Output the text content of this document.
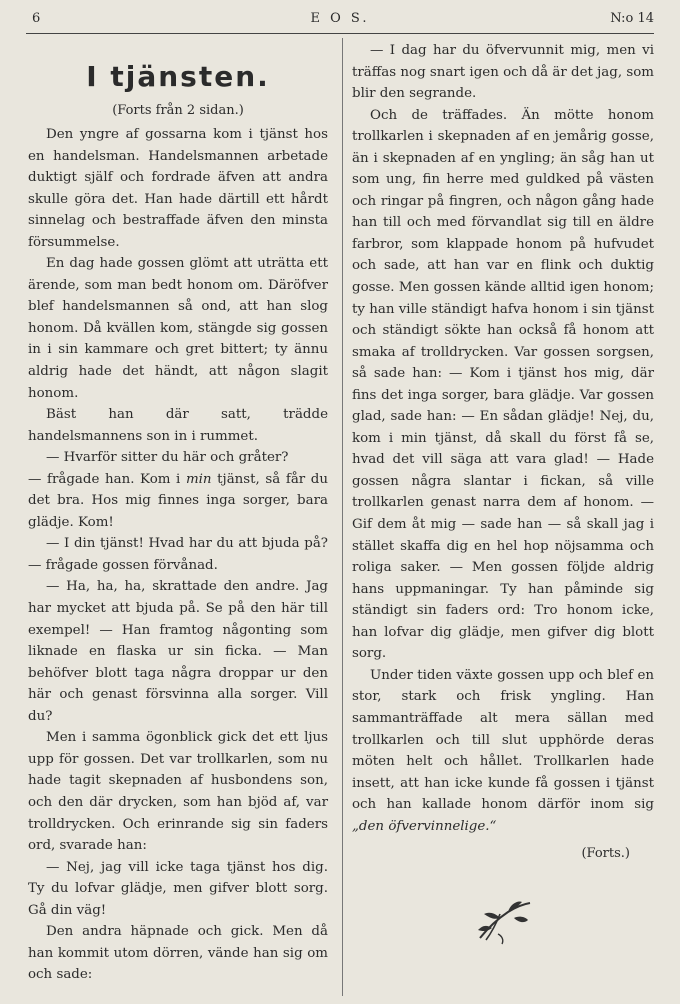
6	E O S.	N:o 14
I tjänsten.
(Forts från 2 sidan.)

Den yngre af gossarna kom i tjänst hos en handelsman. Handelsmannen arbetade duktigt själf och fordrade äfven att andra skulle göra det. Han hade därtill ett hårdt sinnelag och bestraffade äfven den minsta försummelse.

En dag hade gossen glömt att uträtta ett ärende, som man bedt honom om. Däröfver blef handelsmannen så ond, att han slog honom. Då kvällen kom, stängde sig gossen in i sin kammare och gret bittert; ty ännu aldrig hade det händt, att någon slagit honom.

Bäst han där satt, trädde handelsmannens son in i rummet.

— Hvarför sitter du här och gråter?

— frågade han. Kom i min tjänst, så får du det bra. Hos mig finnes inga sorger, bara glädje. Kom!

— I din tjänst! Hvad har du att bjuda på? — frågade gossen förvånad.

— Ha, ha, ha, skrattade den andre. Jag har mycket att bjuda på. Se på den här till exempel! — Han framtog någonting som liknade en flaska ur sin ficka. — Man behöfver blott taga några droppar ur den här och genast försvinna alla sorger. Vill du?

Men i samma ögonblick gick det ett ljus upp för gossen. Det var trollkarlen, som nu hade tagit skepnaden af husbondens son, och den där drycken, som han bjöd af, var trolldrycken. Och erinrande sig sin faders ord, svarade han:

— Nej, jag vill icke taga tjänst hos dig. Ty du lofvar glädje, men gifver blott sorg. Gå din väg!

Den andra häpnade och gick. Men då han kommit utom dörren, vände han sig om och sade:

— I dag har du öfvervunnit mig, men vi träffas nog snart igen och då är det jag, som blir den segrande.

Och de träffades. Än mötte honom trollkarlen i skepnaden af en jemårig gosse, än i skepnaden af en yngling; än såg han ut som ung, fin herre med guldked på västen och ringar på fingren, och någon gång hade han till och med förvandlat sig till en äldre farbror, som klappade honom på hufvudet och sade, att han var en flink och duktig gosse. Men gossen kände alltid igen honom; ty han ville ständigt hafva honom i sin tjänst och ständigt sökte han också få honom att smaka af trolldrycken. Var gossen sorgsen, så sade han: — Kom i tjänst hos mig, där fins det inga sorger, bara glädje. Var gossen glad, sade han: — En sådan glädje! Nej, du, kom i min tjänst, då skall du först få se, hvad det vill säga att vara glad! — Hade gossen några slantar i fickan, så ville trollkarlen genast narra dem af honom. — Gif dem åt mig — sade han — så skall jag i stället skaffa dig en hel hop nöjsamma och roliga saker. — Men gossen följde aldrig hans uppmaningar. Ty han påminde sig ständigt sin faders ord: Tro honom icke, han lofvar dig glädje, men gifver dig blott sorg.

Under tiden växte gossen upp och blef en stor, stark och frisk yngling. Han sammanträffade alt mera sällan med trollkarlen och till slut upphörde deras möten helt och hållet. Trollkarlen hade insett, att han icke kunde få gossen i tjänst och han kallade honom därför inom sig „den öfvervinnelige.“

(Forts.)
